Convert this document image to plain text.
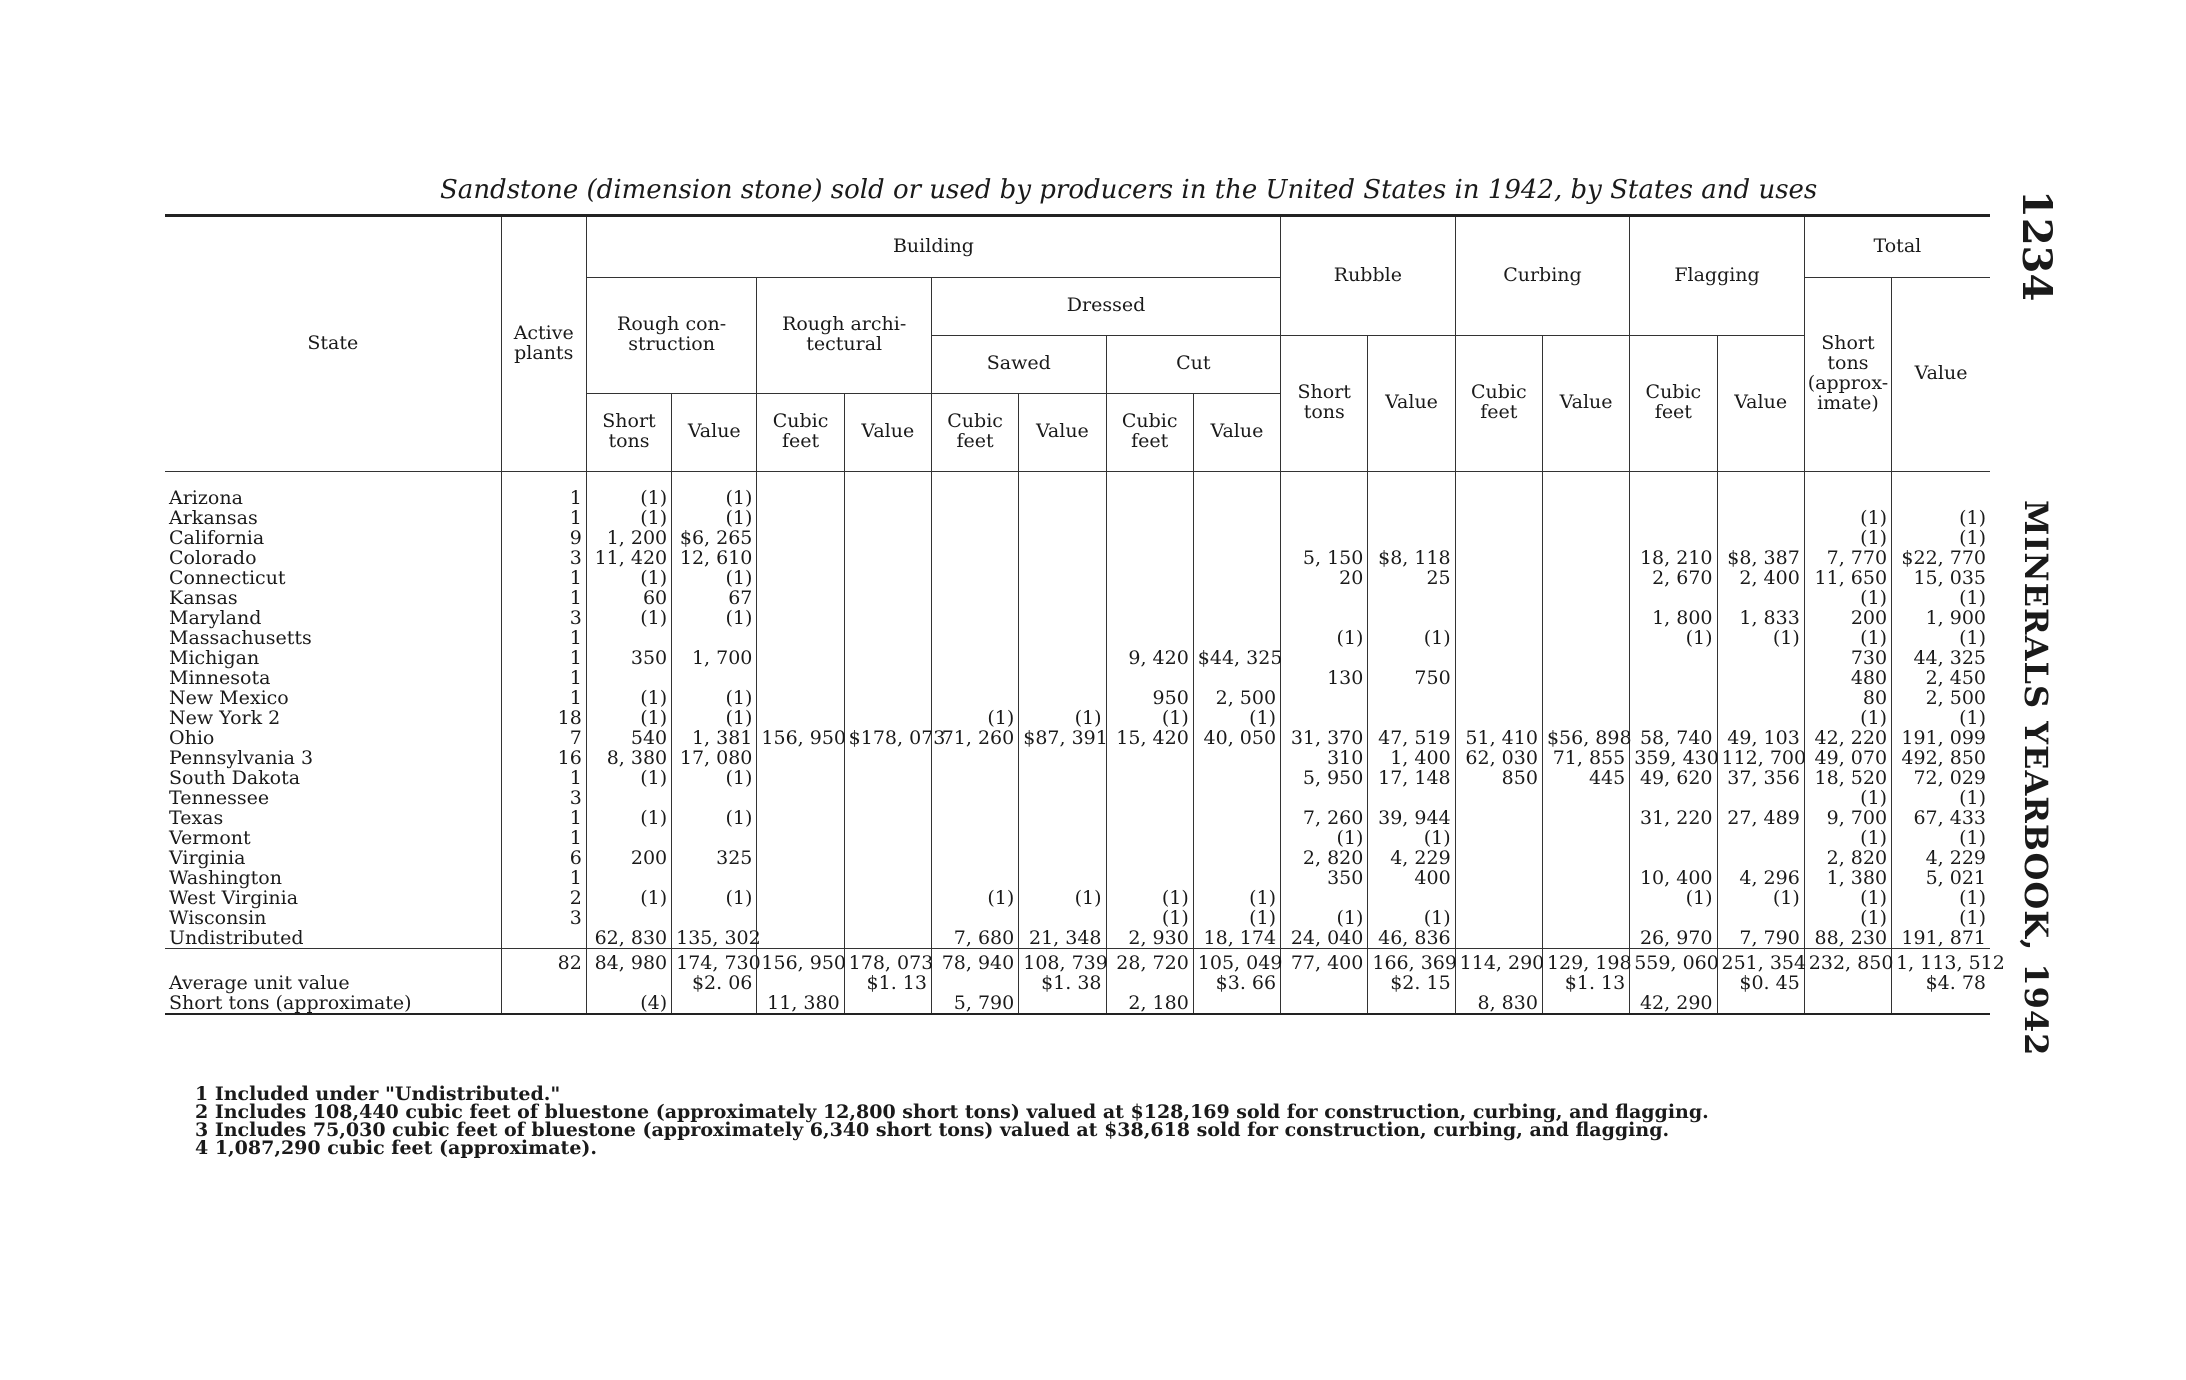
Sandstone (dimension stone) sold or used by producers in the United States in 1942, by States and uses	1234
MINERALS YEARBOOK, 1942
State	Active plants	Building								Rubble		Curbing		Flagging		Total	
		Rough con-struction		Rough archi-tectural		Dressed										Short tons (approx-imate)	Value
						Sawed		Cut		Short tons	Value	Cubic feet	Value	Cubic feet	Value		
		Short tons	Value	Cubic feet	Value	Cubic feet	Value	Cubic feet	Value								
Arizona	1	(1)	(1)														
Arkansas	1	(1)	(1)													(1)	(1)
California	9	1, 200	$6, 265													(1)	(1)
Colorado	3	11, 420	12, 610							5, 150	$8, 118			18, 210	$8, 387	7, 770	$22, 770
Connecticut	1	(1)	(1)							20	25			2, 670	2, 400	11, 650	15, 035
Kansas	1	60	67													(1)	(1)
Maryland	3	(1)	(1)											1, 800	1, 833	200	1, 900
Massachusetts	1									(1)	(1)			(1)	(1)	(1)	(1)
Michigan	1	350	1, 700					9, 420	$44, 325							730	44, 325
Minnesota	1									130	750					480	2, 450
New Mexico	1	(1)	(1)					950	2, 500							80	2, 500
New York 2	18	(1)	(1)			(1)	(1)	(1)	(1)							(1)	(1)
Ohio	7	540	1, 381	156, 950	$178, 073	71, 260	$87, 391	15, 420	40, 050	31, 370	47, 519	51, 410	$56, 898	58, 740	49, 103	42, 220	191, 099
Pennsylvania 3	16	8, 380	17, 080							310	1, 400	62, 030	71, 855	359, 430	112, 700	49, 070	492, 850
South Dakota	1	(1)	(1)							5, 950	17, 148	850	445	49, 620	37, 356	18, 520	72, 029
Tennessee	3															(1)	(1)
Texas	1	(1)	(1)							7, 260	39, 944			31, 220	27, 489	9, 700	67, 433
Vermont	1									(1)	(1)					(1)	(1)
Virginia	6	200	325							2, 820	4, 229					2, 820	4, 229
Washington	1									350	400			10, 400	4, 296	1, 380	5, 021
West Virginia	2	(1)	(1)			(1)	(1)	(1)	(1)					(1)	(1)	(1)	(1)
Wisconsin	3							(1)	(1)	(1)	(1)					(1)	(1)
Undistributed		62, 830	135, 302			7, 680	21, 348	2, 930	18, 174	24, 040	46, 836			26, 970	7, 790	88, 230	191, 871
	82	84, 980	174, 730	156, 950	178, 073	78, 940	108, 739	28, 720	105, 049	77, 400	166, 369	114, 290	129, 198	559, 060	251, 354	232, 850	1, 113, 512
Average unit value			$2. 06		$1. 13		$1. 38		$3. 66		$2. 15		$1. 13		$0. 45		$4. 78
Short tons (approximate)		(4)		11, 380		5, 790		2, 180				8, 830		42, 290			
1 Included under "Undistributed."
2 Includes 108,440 cubic feet of bluestone (approximately 12,800 short tons) valued at $128,169 sold for construction, curbing, and flagging.
3 Includes 75,030 cubic feet of bluestone (approximately 6,340 short tons) valued at $38,618 sold for construction, curbing, and flagging.
4 1,087,290 cubic feet (approximate).
